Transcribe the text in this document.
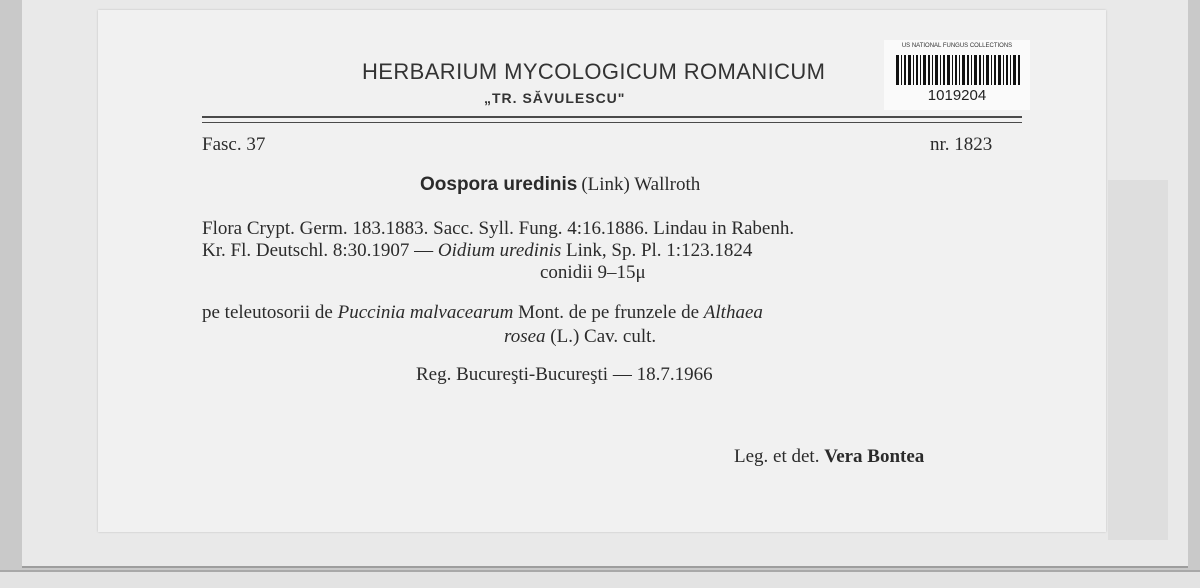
HERBARIUM MYCOLOGICUM ROMANICUM
„TR. SĂVULESCU"
US NATIONAL FUNGUS COLLECTIONS
1019204
Fasc. 37	nr. 1823
Oospora uredinis (Link) Wallroth
Flora Crypt. Germ. 183.1883. Sacc. Syll. Fung. 4:16.1886. Lindau in Rabenh.
Kr. Fl. Deutschl. 8:30.1907 — Oidium uredinis Link, Sp. Pl. 1:123.1824
conidii 9–15μ
pe teleutosorii de Puccinia malvacearum Mont. de pe frunzele de Althaea
rosea (L.) Cav. cult.
Reg. Bucureşti-Bucureşti — 18.7.1966
Leg. et det. Vera Bontea
